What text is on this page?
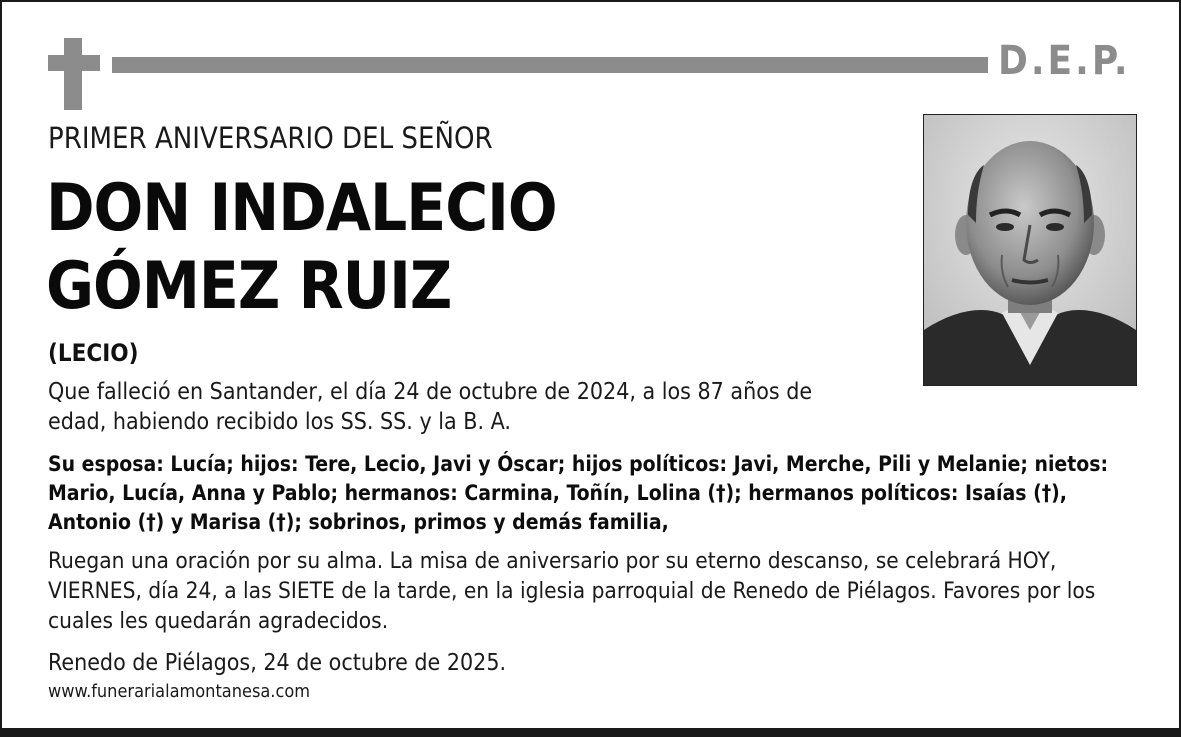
D.E.P.
PRIMER ANIVERSARIO DEL SEÑOR
DON INDALECIO
GÓMEZ RUIZ
(LECIO)
Que falleció en Santander, el día 24 de octubre de 2024, a los 87 años de edad, habiendo recibido los SS. SS. y la B. A.
Su esposa: Lucía; hijos: Tere, Lecio, Javi y Óscar; hijos políticos: Javi, Merche, Pili y Melanie; nietos: Mario, Lucía, Anna y Pablo; hermanos: Carmina, Toñín, Lolina (†); hermanos políticos: Isaías (†), Antonio (†) y Marisa (†); sobrinos, primos y demás familia,
Ruegan una oración por su alma. La misa de aniversario por su eterno descanso, se celebrará HOY, VIERNES, día 24, a las SIETE de la tarde, en la iglesia parroquial de Renedo de Piélagos. Favores por los cuales les quedarán agradecidos.
Renedo de Piélagos, 24 de octubre de 2025.
www.funerarialamontanesa.com
